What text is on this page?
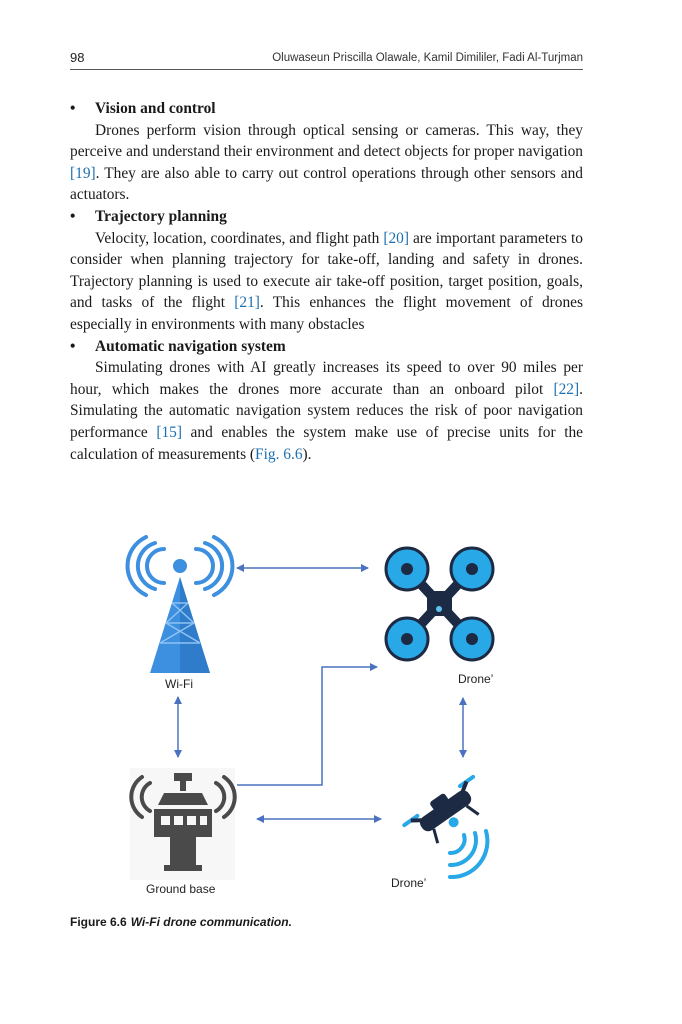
98	Oluwaseun Priscilla Olawale, Kamil Dimililer, Fadi Al-Turjman
• Vision and control

Drones perform vision through optical sensing or cameras. This way, they perceive and understand their environment and detect objects for proper navigation [19]. They are also able to carry out control operations through other sensors and actuators.

• Trajectory planning

Velocity, location, coordinates, and flight path [20] are important parameters to consider when planning trajectory for take-off, landing and safety in drones. Trajectory planning is used to execute air take-off position, target position, goals, and tasks of the flight [21]. This enhances the flight movement of drones especially in environments with many obstacles

• Automatic navigation system

Simulating drones with AI greatly increases its speed to over 90 miles per hour, which makes the drones more accurate than an onboard pilot [22]. Simulating the automatic navigation system reduces the risk of poor navigation performance [15] and enables the system make use of precise units for the calculation of measurements (Fig. 6.6).

Wi-Fi	Drone’
Ground base	Drone’
Figure 6.6 Wi-Fi drone communication.
